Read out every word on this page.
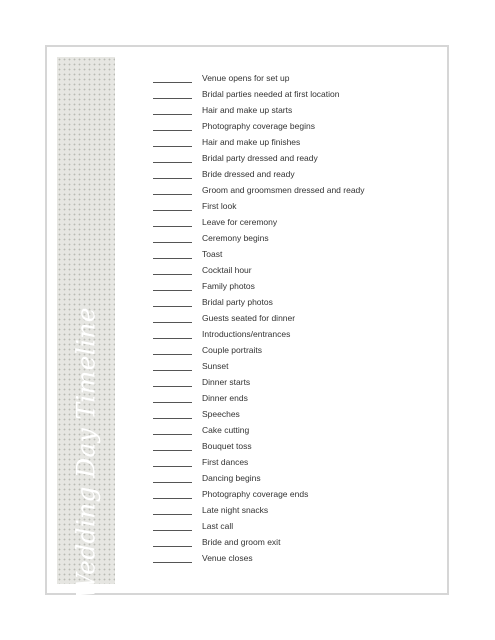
Wedding Day Timeline
Venue opens for set up
Bridal parties needed at first location
Hair and make up starts
Photography coverage begins
Hair and make up finishes
Bridal party dressed and ready
Bride dressed and ready
Groom and groomsmen dressed and ready
First look
Leave for ceremony
Ceremony begins
Toast
Cocktail hour
Family photos
Bridal party photos
Guests seated for dinner
Introductions/entrances
Couple portraits
Sunset
Dinner starts
Dinner ends
Speeches
Cake cutting
Bouquet toss
First dances
Dancing begins
Photography coverage ends
Late night snacks
Last call
Bride and groom exit
Venue closes
